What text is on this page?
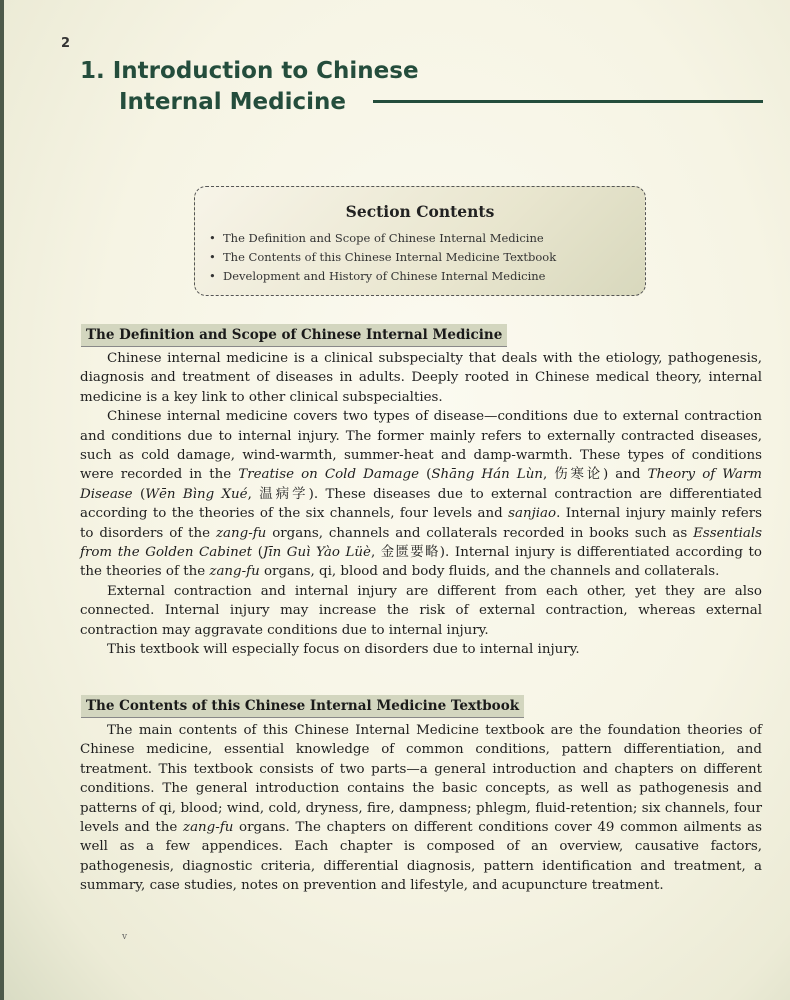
2
1. Introduction to Chinese
Internal Medicine
Section Contents
• The Definition and Scope of Chinese Internal Medicine
• The Contents of this Chinese Internal Medicine Textbook
• Development and History of Chinese Internal Medicine
The Definition and Scope of Chinese Internal Medicine

Chinese internal medicine is a clinical subspecialty that deals with the etiology, pathogenesis, diagnosis and treatment of diseases in adults. Deeply rooted in Chinese medical theory, internal medicine is a key link to other clinical subspecialties.

Chinese internal medicine covers two types of disease—conditions due to external contraction and conditions due to internal injury. The former mainly refers to externally contracted diseases, such as cold damage, wind-warmth, summer-heat and damp-warmth. These types of conditions were recorded in the Treatise on Cold Damage (Shāng Hán Lùn, 伤寒论) and Theory of Warm Disease (Wēn Bìng Xué, 温病学). These diseases due to external contraction are differentiated according to the theories of the six channels, four levels and sanjiao. Internal injury mainly refers to disorders of the zang-fu organs, channels and collaterals recorded in books such as Essentials from the Golden Cabinet (Jīn Guì Yào Lüè, 金匮要略). Internal injury is differentiated according to the theories of the zang-fu organs, qi, blood and body fluids, and the channels and collaterals.

External contraction and internal injury are different from each other, yet they are also connected. Internal injury may increase the risk of external contraction, whereas external contraction may aggravate conditions due to internal injury.

This textbook will especially focus on disorders due to internal injury.

The Contents of this Chinese Internal Medicine Textbook

The main contents of this Chinese Internal Medicine textbook are the foundation theories of Chinese medicine, essential knowledge of common conditions, pattern differentiation, and treatment. This textbook consists of two parts—a general introduction and chapters on different conditions. The general introduction contains the basic concepts, as well as pathogenesis and patterns of qi, blood; wind, cold, dryness, fire, dampness; phlegm, fluid-retention; six channels, four levels and the zang-fu organs. The chapters on different conditions cover 49 common ailments as well as a few appendices. Each chapter is composed of an overview, causative factors, pathogenesis, diagnostic criteria, differential diagnosis, pattern identification and treatment, a summary, case studies, notes on prevention and lifestyle, and acupuncture treatment.

v
